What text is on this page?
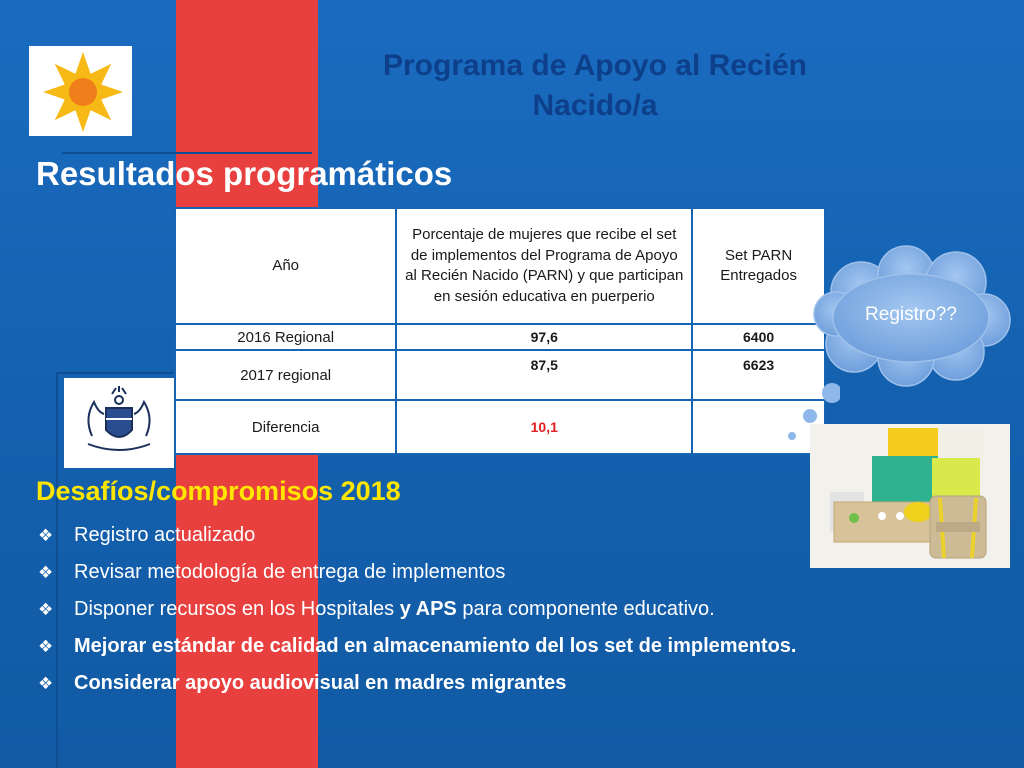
Programa de Apoyo al Recién Nacido/a
Resultados programáticos
Año	Porcentaje de mujeres que recibe el set de implementos del Programa de Apoyo al Recién Nacido (PARN) y que participan en sesión educativa en puerperio	Set PARN Entregados
2016 Regional	97,6	6400
2017 regional	87,5	6623
Diferencia	10,1	
Registro??
Desafíos/compromisos 2018
❖ Registro actualizado
❖ Revisar metodología de entrega de implementos
❖ Disponer recursos en los Hospitales y APS para componente educativo.
❖ Mejorar estándar de calidad en almacenamiento del los set de implementos.
❖ Considerar apoyo audiovisual en madres migrantes
